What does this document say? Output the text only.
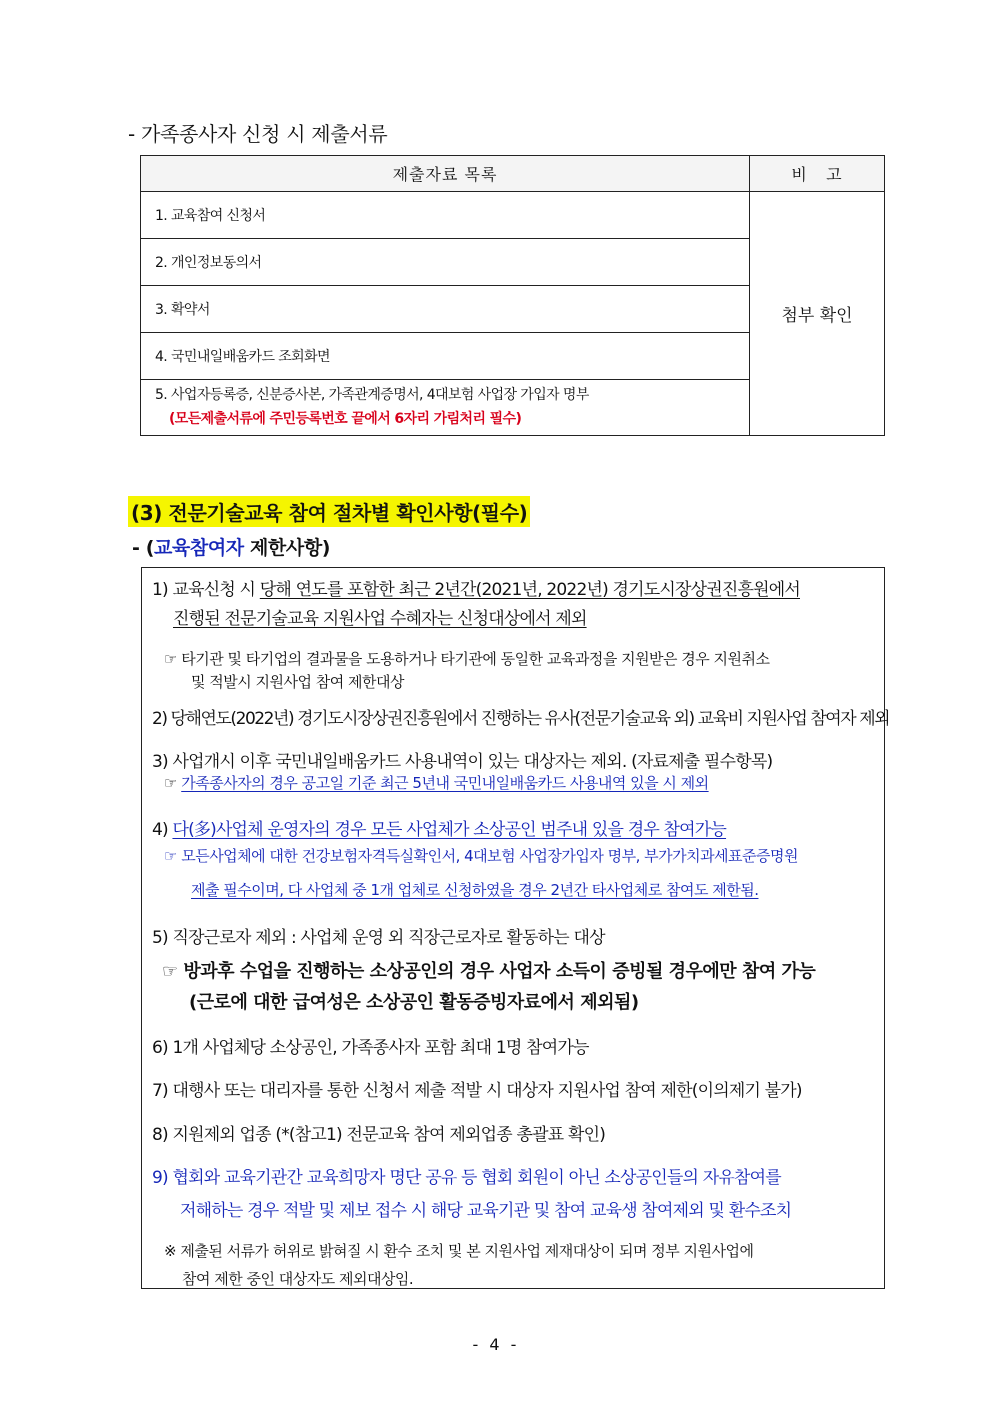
- 가족종사자 신청 시 제출서류
제출자료 목록	비   고
1. 교육참여 신청서	첨부 확인
2. 개인정보동의서	
3. 확약서	
4. 국민내일배움카드 조회화면	

5. 사업자등록증, 신분증사본, 가족관계증명서, 4대보험 사업장 가입자 명부
(모든제출서류에 주민등록번호 끝에서 6자리 가림처리 필수)	
(3) 전문기술교육 참여 절차별 확인사항(필수)
- (교육참여자 제한사항)
1) 교육신청 시 당해 연도를 포함한 최근 2년간(2021년, 2022년) 경기도시장상권진흥원에서
진행된 전문기술교육 지원사업 수혜자는 신청대상에서 제외
☞ 타기관 및 타기업의 결과물을 도용하거나 타기관에 동일한 교육과정을 지원받은 경우 지원취소
및 적발시 지원사업 참여 제한대상
2) 당해연도(2022년) 경기도시장상권진흥원에서 진행하는 유사(전문기술교육 외) 교육비 지원사업 참여자 제외
3) 사업개시 이후 국민내일배움카드 사용내역이 있는 대상자는 제외. (자료제출 필수항목)
☞ 가족종사자의 경우 공고일 기준 최근 5년내 국민내일배움카드 사용내역 있을 시 제외
4) 다(多)사업체 운영자의 경우 모든 사업체가 소상공인 범주내 있을 경우 참여가능
☞ 모든사업체에 대한 건강보험자격득실확인서, 4대보험 사업장가입자 명부, 부가가치과세표준증명원
제출 필수이며, 다 사업체 중 1개 업체로 신청하였을 경우 2년간 타사업체로 참여도 제한됨.
5) 직장근로자 제외 : 사업체 운영 외 직장근로자로 활동하는 대상
☞ 방과후 수업을 진행하는 소상공인의 경우 사업자 소득이 증빙될 경우에만 참여 가능
(근로에 대한 급여성은 소상공인 활동증빙자료에서 제외됨)
6) 1개 사업체당 소상공인, 가족종사자 포함 최대 1명 참여가능
7) 대행사 또는 대리자를 통한 신청서 제출 적발 시 대상자 지원사업 참여 제한(이의제기 불가)
8) 지원제외 업종 (*(참고1) 전문교육 참여 제외업종 총괄표 확인)
9) 협회와 교육기관간 교육희망자 명단 공유 등 협회 회원이 아닌 소상공인들의 자유참여를
저해하는 경우 적발 및 제보 접수 시 해당 교육기관 및 참여 교육생 참여제외 및 환수조치
※ 제출된 서류가 허위로 밝혀질 시 환수 조치 및 본 지원사업 제재대상이 되며 정부 지원사업에
참여 제한 중인 대상자도 제외대상임.
- 4 -
